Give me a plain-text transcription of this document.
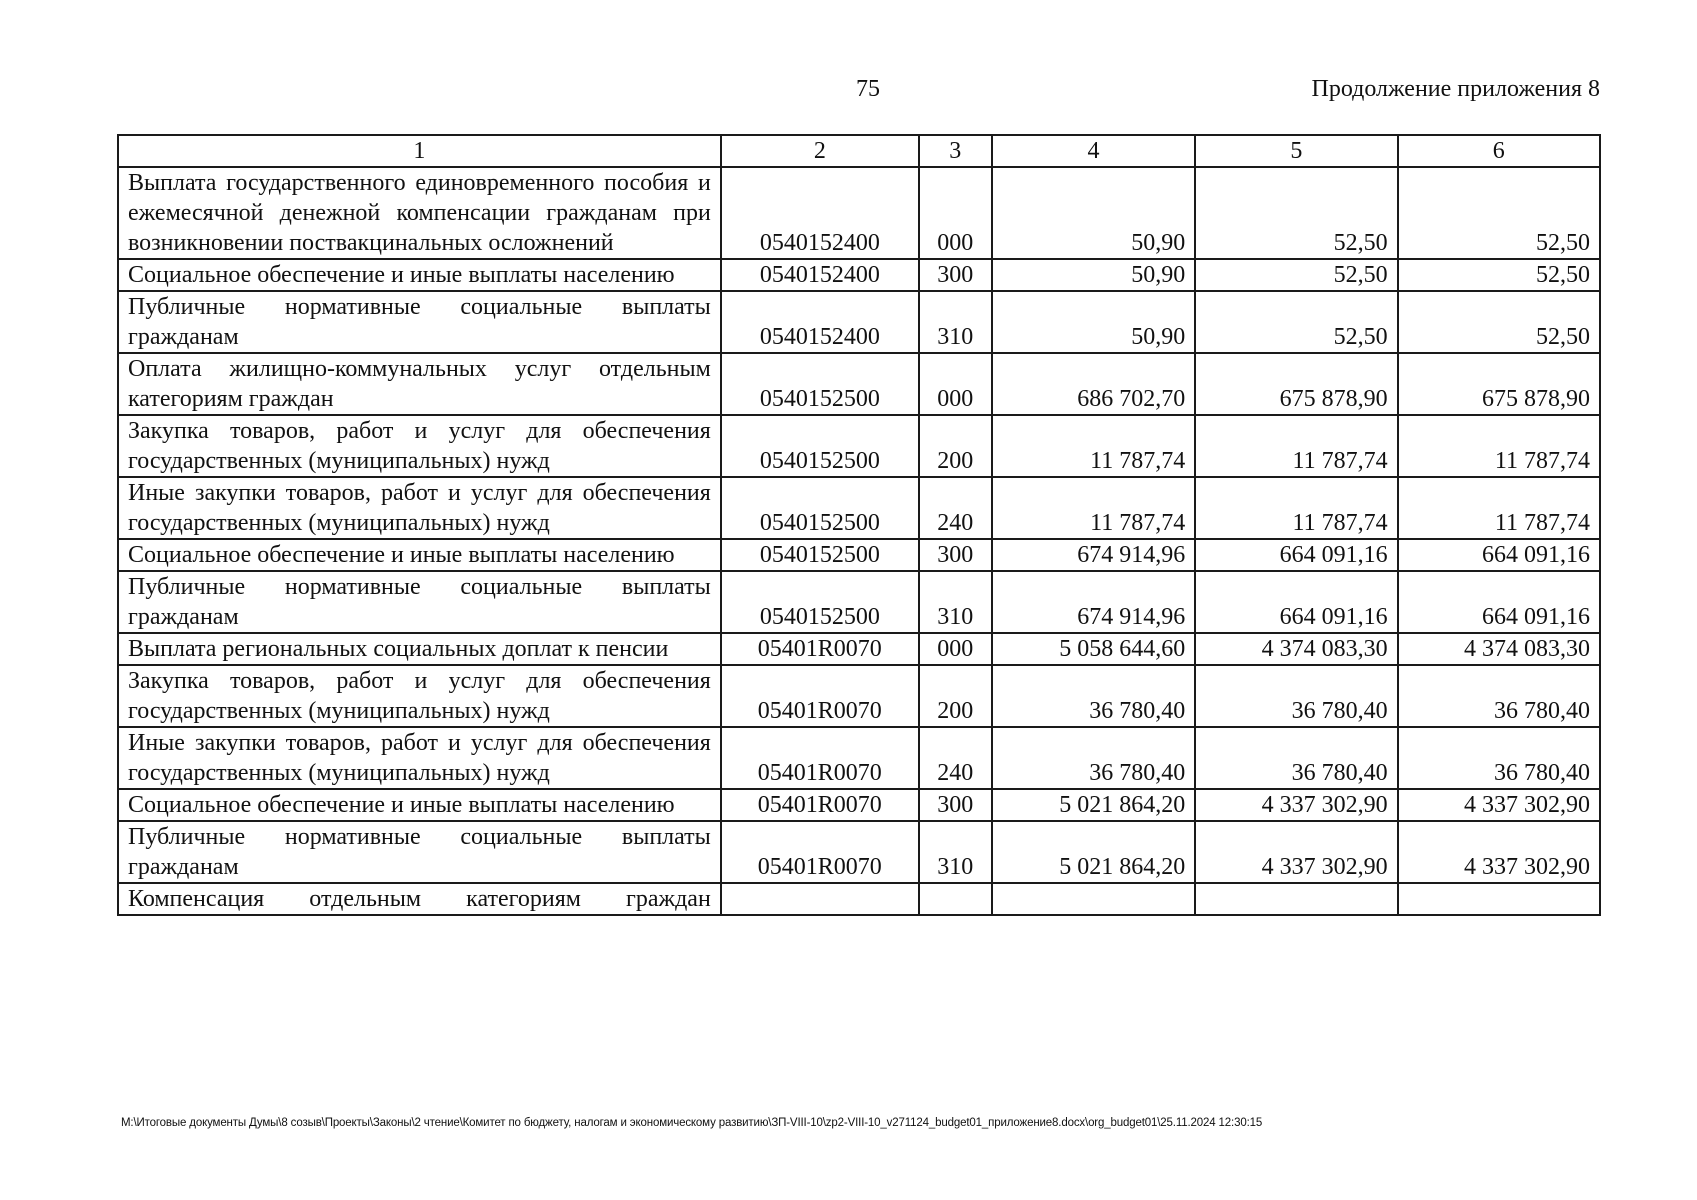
75	Продолжение приложения 8
1	2	3	4	5	6
Выплата государственного единовременного пособия и ежемесячной денежной компенсации гражданам при возникновении поствакцинальных осложнений	0540152400	000	50,90	52,50	52,50
Социальное обеспечение и иные выплаты населению	0540152400	300	50,90	52,50	52,50
Публичные нормативные социальные выплаты гражданам	0540152400	310	50,90	52,50	52,50
Оплата жилищно-коммунальных услуг отдельным категориям граждан	0540152500	000	686 702,70	675 878,90	675 878,90
Закупка товаров, работ и услуг для обеспечения государственных (муниципальных) нужд	0540152500	200	11 787,74	11 787,74	11 787,74
Иные закупки товаров, работ и услуг для обеспечения государственных (муниципальных) нужд	0540152500	240	11 787,74	11 787,74	11 787,74
Социальное обеспечение и иные выплаты населению	0540152500	300	674 914,96	664 091,16	664 091,16
Публичные нормативные социальные выплаты гражданам	0540152500	310	674 914,96	664 091,16	664 091,16
Выплата региональных социальных доплат к пенсии	05401R0070	000	5 058 644,60	4 374 083,30	4 374 083,30
Закупка товаров, работ и услуг для обеспечения государственных (муниципальных) нужд	05401R0070	200	36 780,40	36 780,40	36 780,40
Иные закупки товаров, работ и услуг для обеспечения государственных (муниципальных) нужд	05401R0070	240	36 780,40	36 780,40	36 780,40
Социальное обеспечение и иные выплаты населению	05401R0070	300	5 021 864,20	4 337 302,90	4 337 302,90
Публичные нормативные социальные выплаты гражданам	05401R0070	310	5 021 864,20	4 337 302,90	4 337 302,90
Компенсация отдельным категориям граждан					
M:\Итоговые документы Думы\8 созыв\Проекты\Законы\2 чтение\Комитет по бюджету, налогам и экономическому развитию\ЗП-VIII-10\zp2-VIII-10_v271124_budget01_приложение8.docx\org_budget01\25.11.2024 12:30:15
